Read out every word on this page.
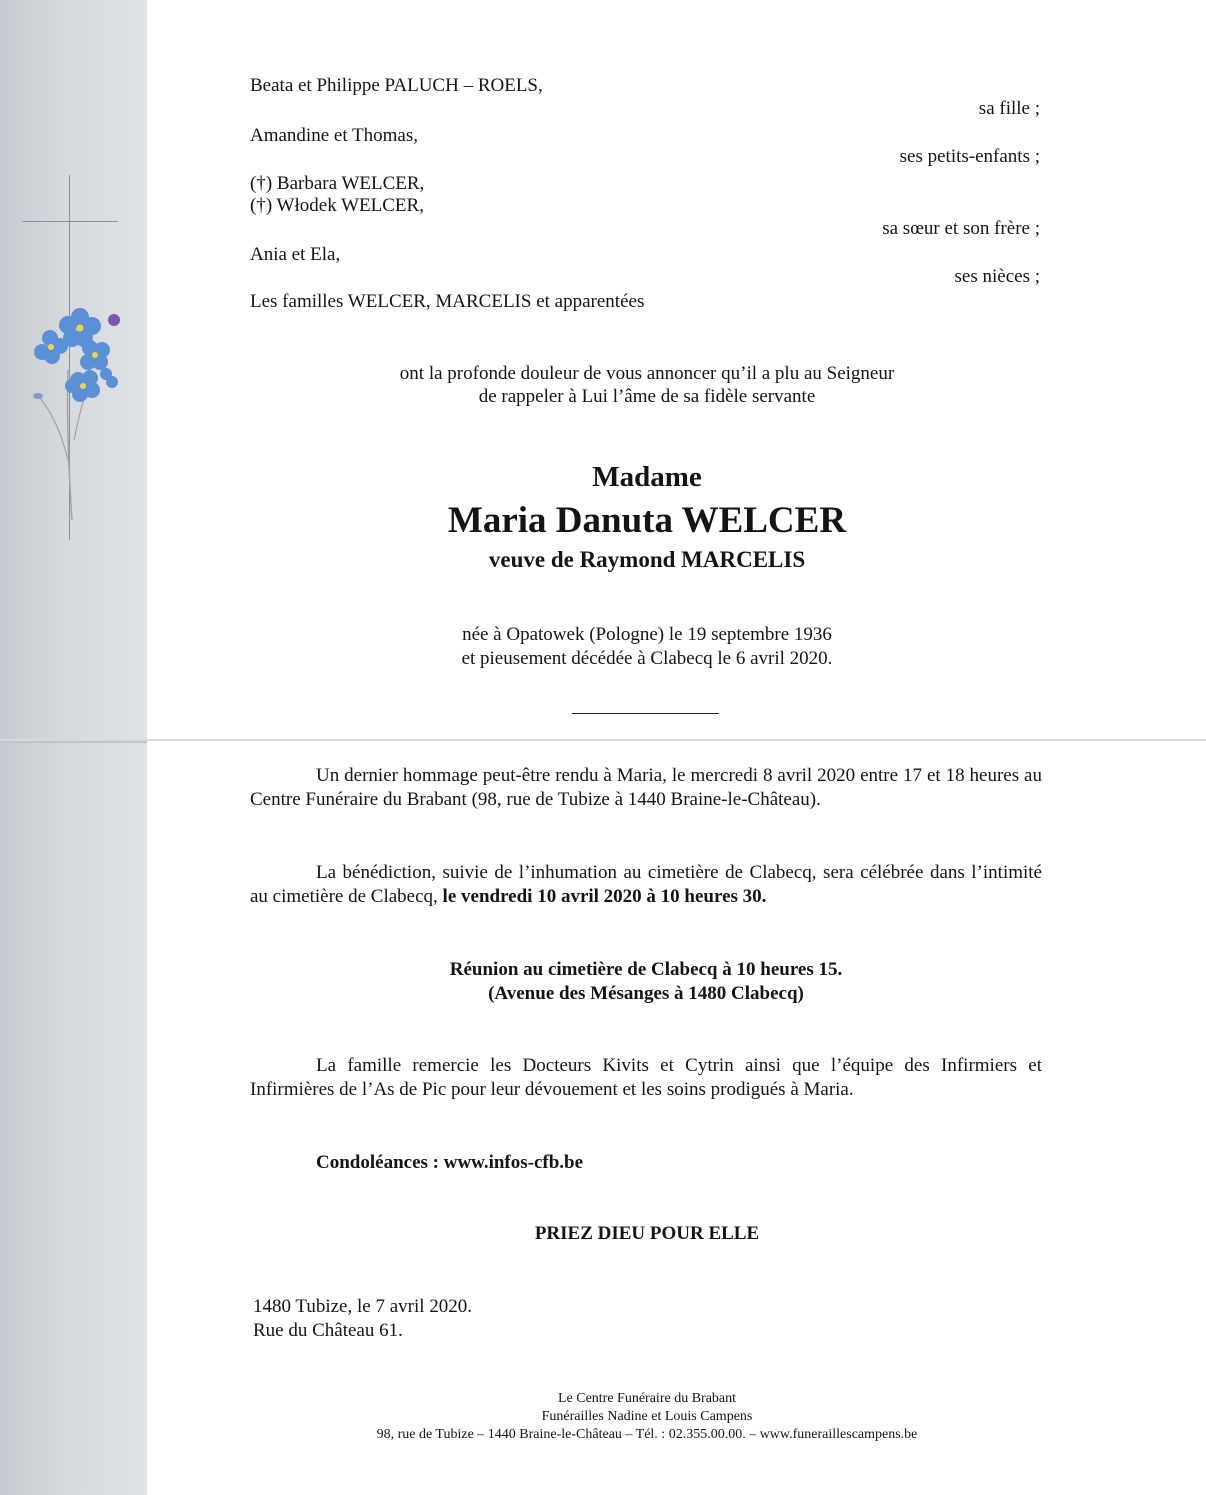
Beata et Philippe PALUCH – ROELS,
sa fille ;
Amandine et Thomas,
ses petits-enfants ;
(†) Barbara WELCER,
(†) Włodek WELCER,
sa sœur et son frère ;
Ania et Ela,
ses nièces ;
Les familles WELCER, MARCELIS et apparentées
ont la profonde douleur de vous annoncer qu’il a plu au Seigneur
de rappeler à Lui l’âme de sa fidèle servante
Madame
Maria Danuta WELCER
veuve de Raymond MARCELIS
née à Opatowek (Pologne) le 19 septembre 1936
et pieusement décédée à Clabecq le 6 avril 2020.
Un dernier hommage peut-être rendu à Maria, le mercredi 8 avril 2020 entre 17 et 18 heures au Centre Funéraire du Brabant (98, rue de Tubize à 1440 Braine-le-Château).
La bénédiction, suivie de l’inhumation au cimetière de Clabecq, sera célébrée dans l’intimité au cimetière de Clabecq, le vendredi 10 avril 2020 à 10 heures 30.
Réunion au cimetière de Clabecq à 10 heures 15.
(Avenue des Mésanges à 1480 Clabecq)
La famille remercie les Docteurs Kivits et Cytrin ainsi que l’équipe des Infirmiers et Infirmières de l’As de Pic pour leur dévouement et les soins prodigués à Maria.
Condoléances : www.infos-cfb.be
PRIEZ DIEU POUR ELLE
1480 Tubize, le 7 avril 2020.
Rue du Château 61.
Le Centre Funéraire du Brabant
Funérailles Nadine et Louis Campens
98, rue de Tubize – 1440 Braine-le-Château – Tél. : 02.355.00.00. – www.funeraillescampens.be
